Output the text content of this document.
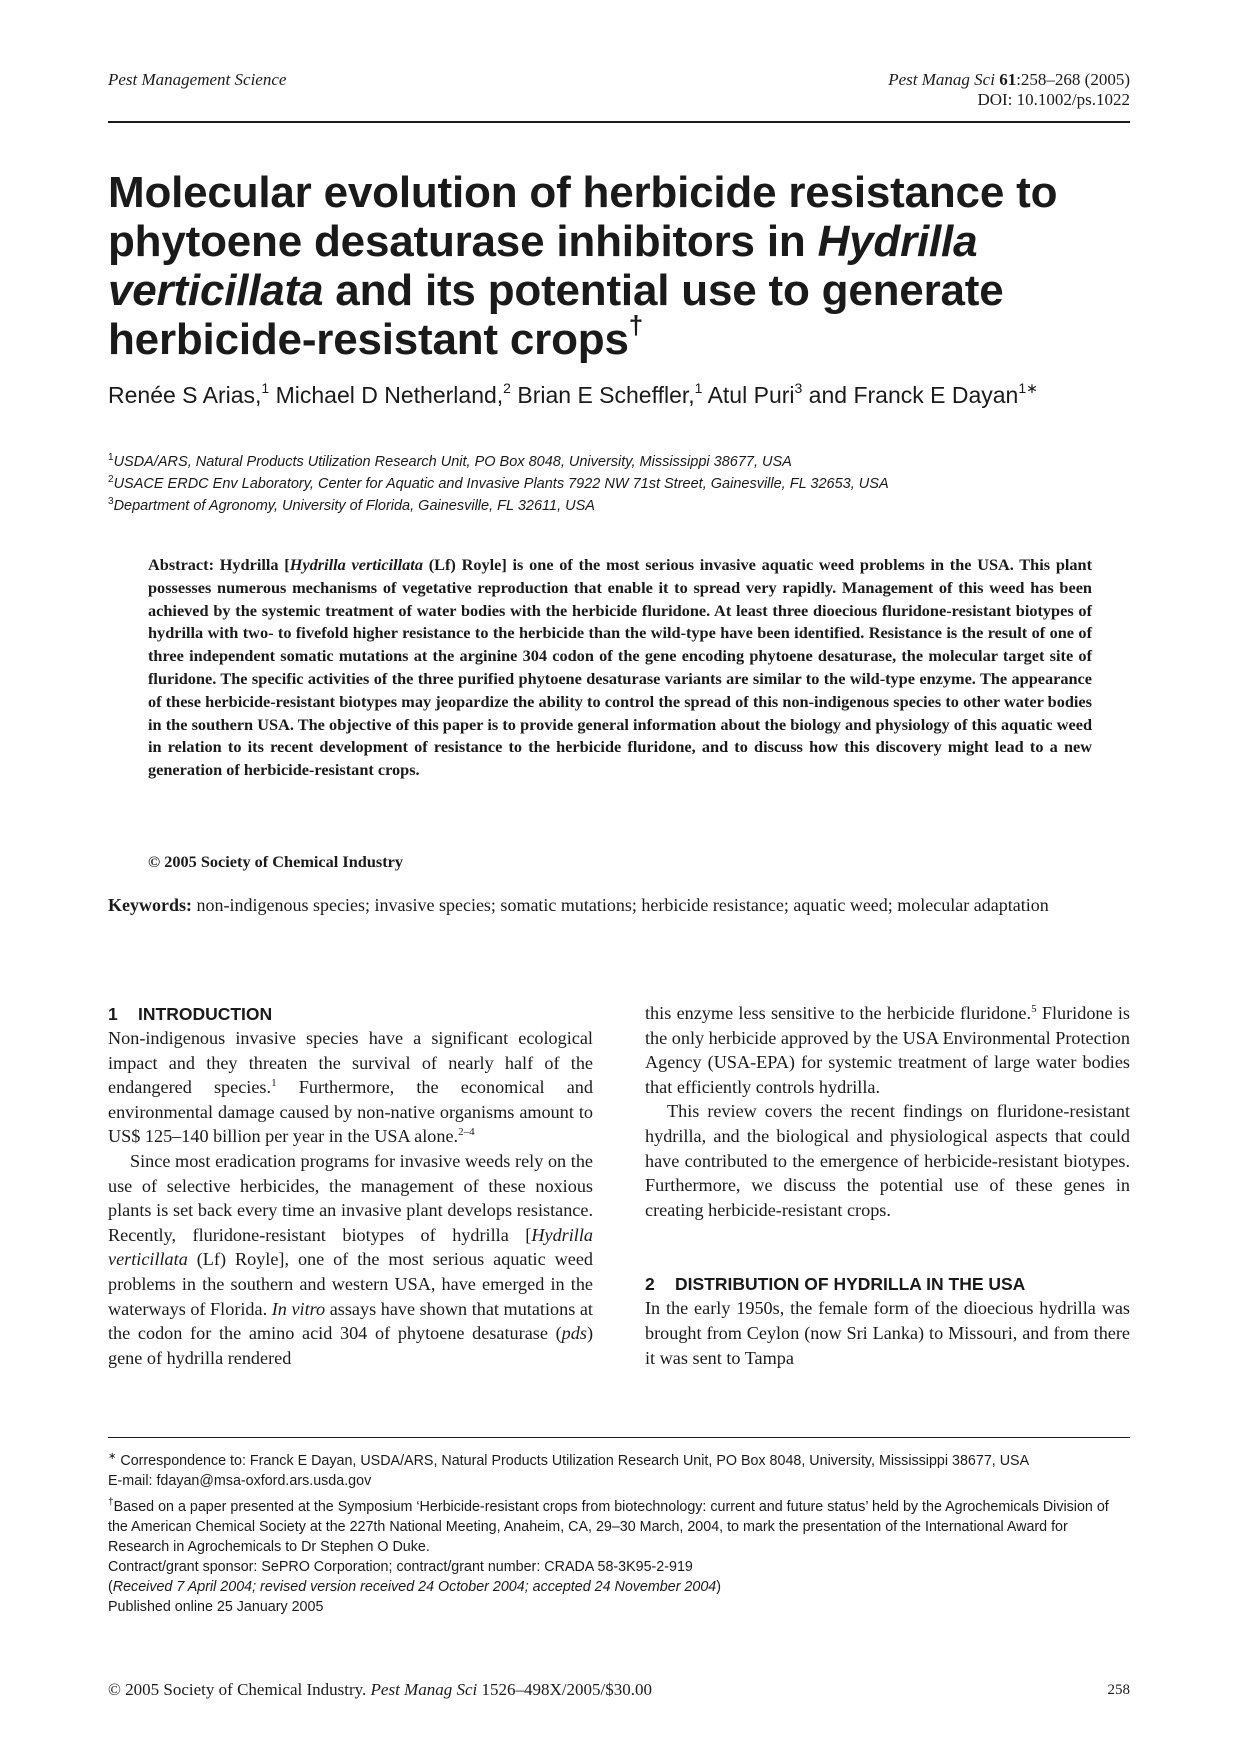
Pest Management Science	Pest Manag Sci 61:258–268 (2005)
DOI: 10.1002/ps.1022
Molecular evolution of herbicide resistance to phytoene desaturase inhibitors in Hydrilla verticillata and its potential use to generate herbicide-resistant crops†
Renée S Arias,$^1$ Michael D Netherland,$^2$ Brian E Scheffler,$^1$ Atul Puri$^3$ and Franck E Dayan$^{1∗}$
$^1$USDA/ARS, Natural Products Utilization Research Unit, PO Box 8048, University, Mississippi 38677, USA
$^2$USACE ERDC Env Laboratory, Center for Aquatic and Invasive Plants 7922 NW 71st Street, Gainesville, FL 32653, USA
$^3$Department of Agronomy, University of Florida, Gainesville, FL 32611, USA
Abstract: Hydrilla [Hydrilla verticillata (Lf) Royle] is one of the most serious invasive aquatic weed problems in the USA. This plant possesses numerous mechanisms of vegetative reproduction that enable it to spread very rapidly. Management of this weed has been achieved by the systemic treatment of water bodies with the herbicide fluridone. At least three dioecious fluridone-resistant biotypes of hydrilla with two- to fivefold higher resistance to the herbicide than the wild-type have been identified. Resistance is the result of one of three independent somatic mutations at the arginine 304 codon of the gene encoding phytoene desaturase, the molecular target site of fluridone. The specific activities of the three purified phytoene desaturase variants are similar to the wild-type enzyme. The appearance of these herbicide-resistant biotypes may jeopardize the ability to control the spread of this non-indigenous species to other water bodies in the southern USA. The objective of this paper is to provide general information about the biology and physiology of this aquatic weed in relation to its recent development of resistance to the herbicide fluridone, and to discuss how this discovery might lead to a new generation of herbicide-resistant crops.
© 2005 Society of Chemical Industry
Keywords: non-indigenous species; invasive species; somatic mutations; herbicide resistance; aquatic weed; molecular adaptation
1 INTRODUCTION

Non-indigenous invasive species have a significant ecological impact and they threaten the survival of nearly half of the endangered species.$^1$ Furthermore, the economical and environmental damage caused by non-native organisms amount to US$ 125–140 billion per year in the USA alone.$^{2-4}$

Since most eradication programs for invasive weeds rely on the use of selective herbicides, the management of these noxious plants is set back every time an invasive plant develops resistance. Recently, fluridone-resistant biotypes of hydrilla [Hydrilla verticillata (Lf) Royle], one of the most serious aquatic weed problems in the southern and western USA, have emerged in the waterways of Florida. In vitro assays have shown that mutations at the codon for the amino acid 304 of phytoene desaturase (pds) gene of hydrilla rendered

this enzyme less sensitive to the herbicide fluridone.$^5$ Fluridone is the only herbicide approved by the USA Environmental Protection Agency (USA-EPA) for systemic treatment of large water bodies that efficiently controls hydrilla.

This review covers the recent findings on fluridone-resistant hydrilla, and the biological and physiological aspects that could have contributed to the emergence of herbicide-resistant biotypes. Furthermore, we discuss the potential use of these genes in creating herbicide-resistant crops.

2 DISTRIBUTION OF HYDRILLA IN THE USA

In the early 1950s, the female form of the dioecious hydrilla was brought from Ceylon (now Sri Lanka) to Missouri, and from there it was sent to Tampa

∗ Correspondence to: Franck E Dayan, USDA/ARS, Natural Products Utilization Research Unit, PO Box 8048, University, Mississippi 38677, USA

E-mail: fdayan@msa-oxford.ars.usda.gov

†Based on a paper presented at the Symposium ‘Herbicide-resistant crops from biotechnology: current and future status’ held by the Agrochemicals Division of the American Chemical Society at the 227th National Meeting, Anaheim, CA, 29–30 March, 2004, to mark the presentation of the International Award for Research in Agrochemicals to Dr Stephen O Duke.

Contract/grant sponsor: SePRO Corporation; contract/grant number: CRADA 58-3K95-2-919

(Received 7 April 2004; revised version received 24 October 2004; accepted 24 November 2004)

Published online 25 January 2005

© 2005 Society of Chemical Industry. Pest Manag Sci 1526–498X/2005/$30.00	258
